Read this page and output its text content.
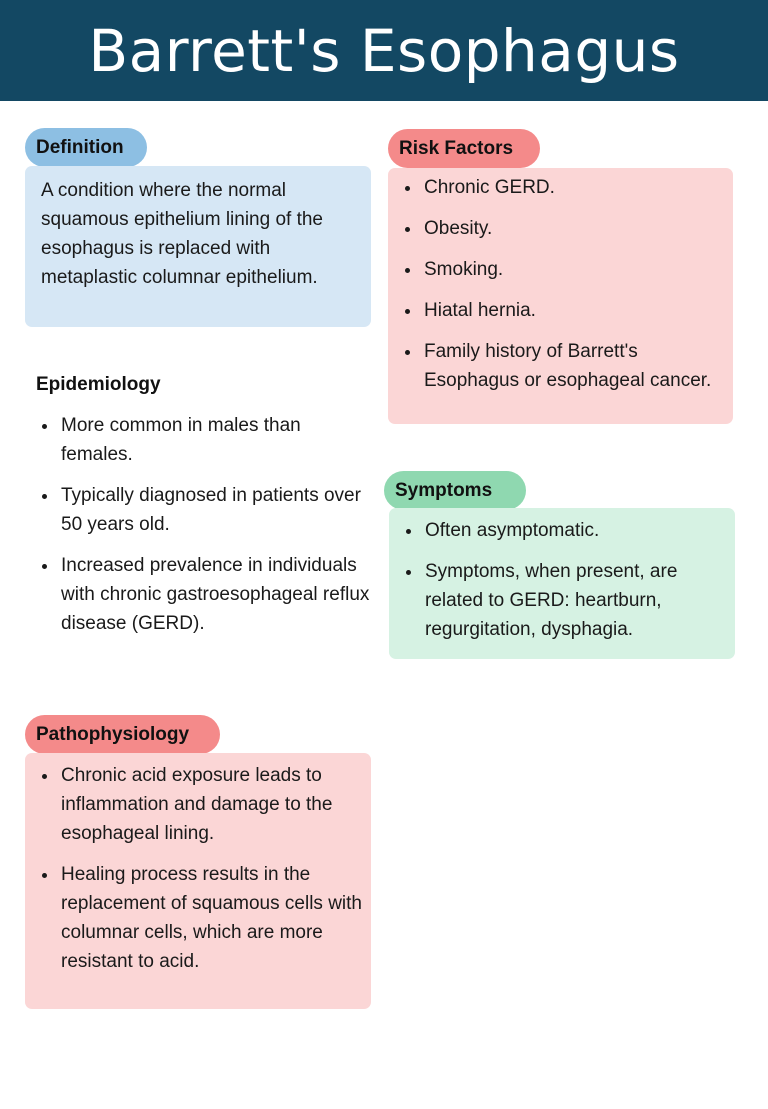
Barrett's Esophagus
Definition

A condition where the normal squamous epithelium lining of the esophagus is replaced with metaplastic columnar epithelium.

Epidemiology
More common in males than females.
Typically diagnosed in patients over 50 years old.
Increased prevalence in individuals with chronic gastroesophageal reflux disease (GERD).
Pathophysiology
Chronic acid exposure leads to inflammation and damage to the esophageal lining.
Healing process results in the replacement of squamous cells with columnar cells, which are more resistant to acid.
Risk Factors
Chronic GERD.
Obesity.
Smoking.
Hiatal hernia.
Family history of Barrett's Esophagus or esophageal cancer.
Symptoms
Often asymptomatic.
Symptoms, when present, are related to GERD: heartburn, regurgitation, dysphagia.
